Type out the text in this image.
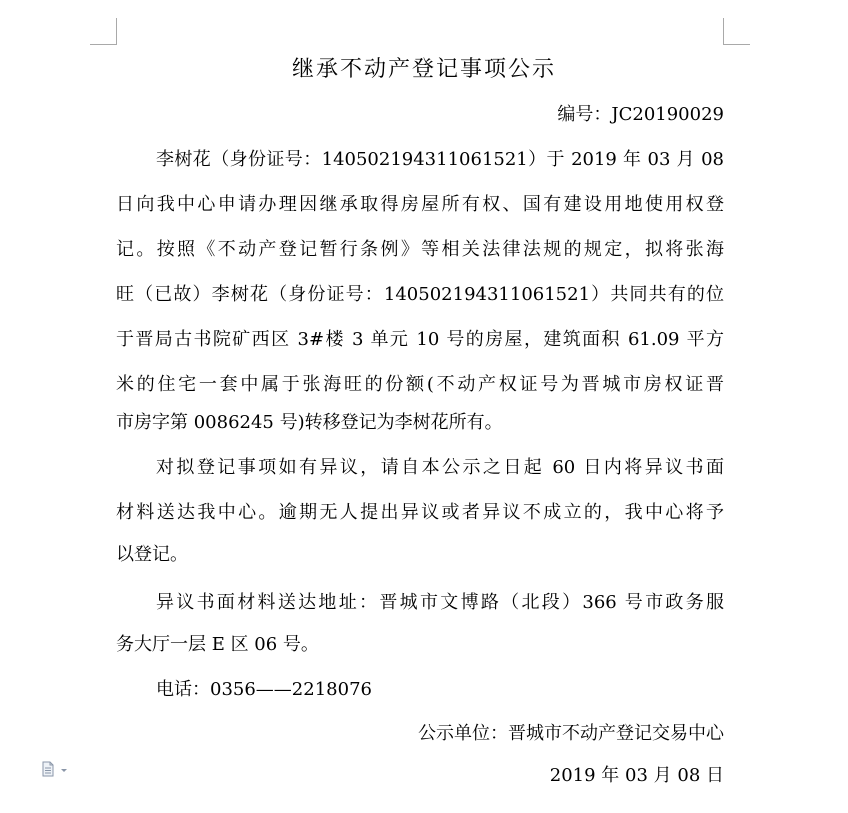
继承不动产登记事项公示
编号：JC20190029
李树花（身份证号：140502194311061521）于 2019 年 03 月 08
日向我中心申请办理因继承取得房屋所有权、国有建设用地使用权登
记。按照《不动产登记暂行条例》等相关法律法规的规定，拟将张海
旺（已故）李树花（身份证号：140502194311061521）共同共有的位
于晋局古书院矿西区 3#楼 3 单元 10 号的房屋，建筑面积 61.09 平方
米的住宅一套中属于张海旺的份额(不动产权证号为晋城市房权证晋
市房字第 0086245 号)转移登记为李树花所有。
对拟登记事项如有异议，请自本公示之日起 60 日内将异议书面
材料送达我中心。逾期无人提出异议或者异议不成立的，我中心将予
以登记。
异议书面材料送达地址：晋城市文博路（北段）366 号市政务服
务大厅一层 E 区 06 号。
电话：0356——2218076
公示单位：晋城市不动产登记交易中心
2019 年 03 月 08 日
